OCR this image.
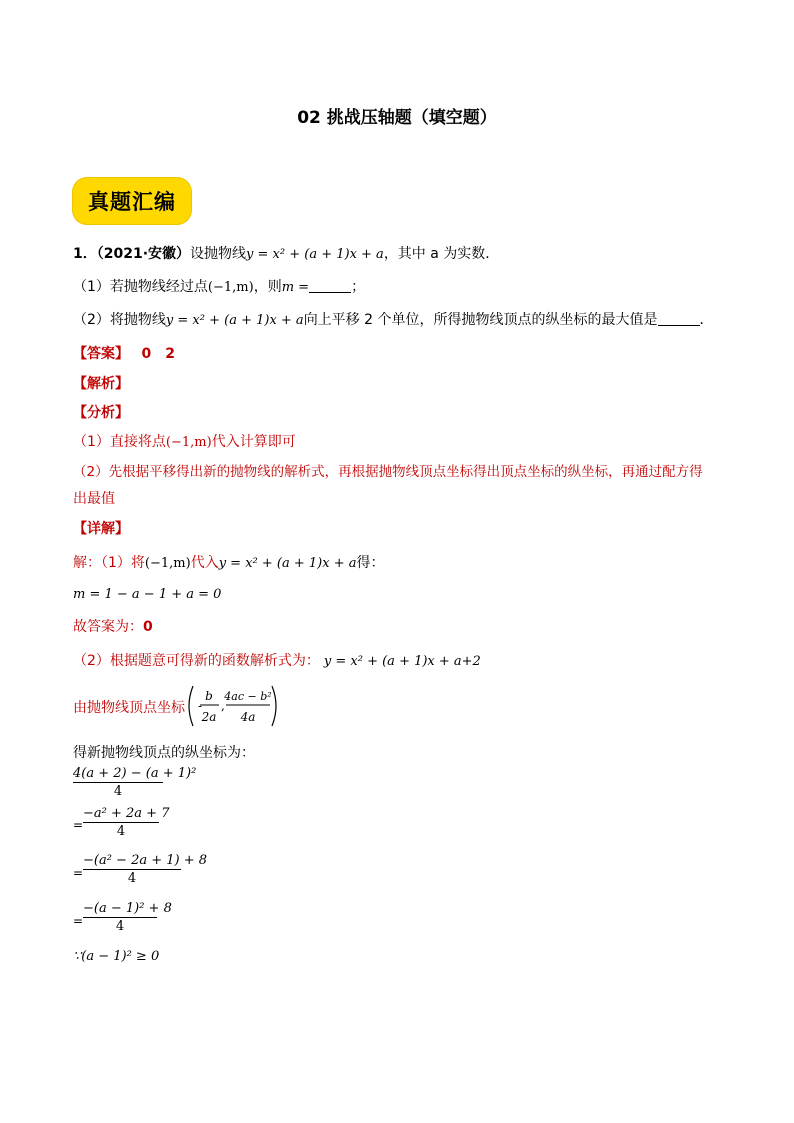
02 挑战压轴题（填空题）
真题汇编
1．（2021·安徽）设抛物线y = x² + (a + 1)x + a，其中 a 为实数．
（1）若抛物线经过点(−1,m)，则m =	；
（2）将抛物线y = x² + (a + 1)x + a向上平移 2 个单位，所得抛物线顶点的纵坐标的最大值是	．
【答案】 0　2
【解析】
【分析】
（1）直接将点(−1,m)代入计算即可
（2）先根据平移得出新的抛物线的解析式，再根据抛物线顶点坐标得出顶点坐标的纵坐标，再通过配方得
出最值
【详解】
解：（1）将(−1,m)代入y = x² + (a + 1)x + a得：
m = 1 − a − 1 + a = 0
故答案为：0
（2）根据题意可得新的函数解析式为： y = x² + (a + 1)x + a+2
由抛物线顶点坐标 -
b
2a
,
4ac − b²
4a
得新抛物线顶点的纵坐标为：
4(a + 2) − (a + 1)²
4
=
−a² + 2a + 7
4
=
−(a² − 2a + 1) + 8
4
=
−(a − 1)² + 8
4
∵(a − 1)² ≥ 0
